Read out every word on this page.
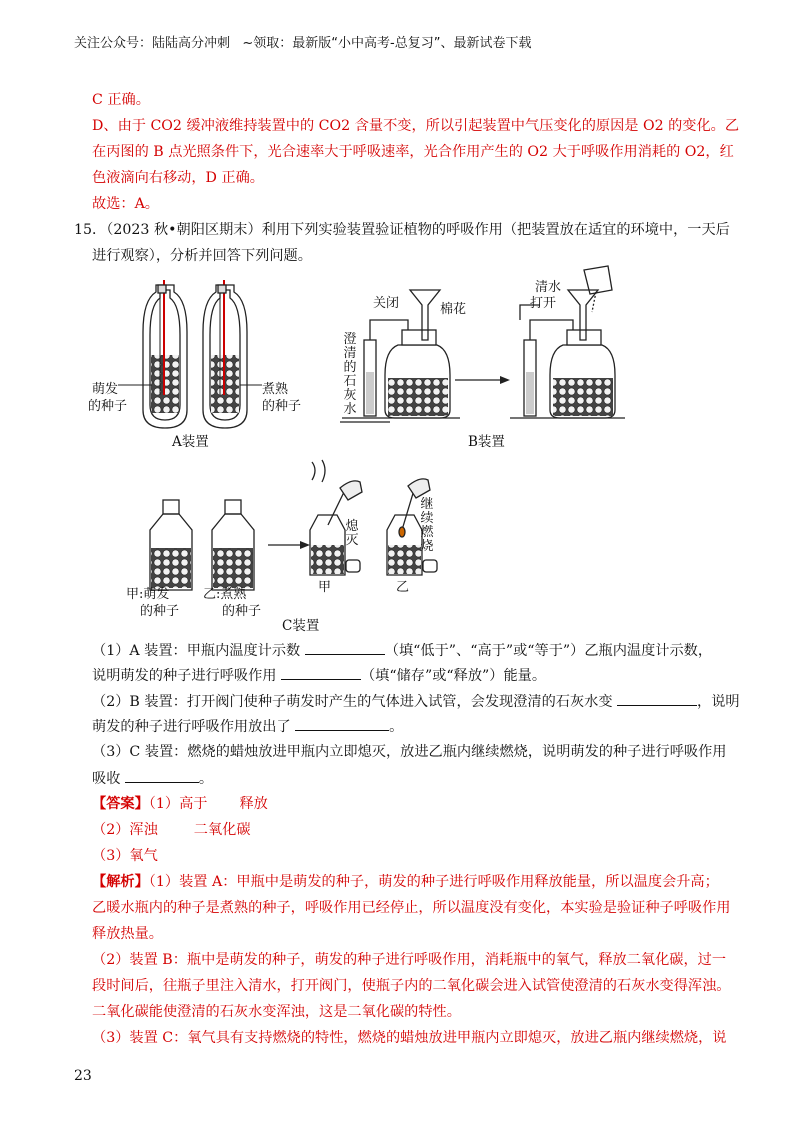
关注公众号：陆陆高分冲刺   ~领取：最新版“小中高考-总复习”、最新试卷下载
C 正确。
D、由于 CO2 缓冲液维持装置中的 CO2 含量不变，所以引起装置中气压变化的原因是 O2 的变化。乙
在丙图的 B 点光照条件下，光合速率大于呼吸速率，光合作用产生的 O2 大于呼吸作用消耗的 O2，红
色液滴向右移动，D 正确。
故选：A。
15．（2023 秋•朝阳区期末）利用下列实验装置验证植物的呼吸作用（把装置放在适宜的环境中，一天后
进行观察），分析并回答下列问题。
萌发
的种子
煮熟
的种子
A装置
关闭	棉花
清水
打开
澄清的石灰水
B装置
甲:萌发
的种子
乙:煮熟
的种子
熄灭
继续燃烧
甲	乙
C装置
（1）A 装置：甲瓶内温度计示数	（填“低于”、“高于”或“等于”）乙瓶内温度计示数，
说明萌发的种子进行呼吸作用	（填“储存”或“释放”）能量。
（2）B 装置：打开阀门使种子萌发时产生的气体进入试管，会发现澄清的石灰水变	，说明
萌发的种子进行呼吸作用放出了	。
（3）C 装置：燃烧的蜡烛放进甲瓶内立即熄灭，放进乙瓶内继续燃烧，说明萌发的种子进行呼吸作用
吸收	。
【答案】（1）高于 释放
（2）浑浊	二氧化碳
（3）氧气
【解析】（1）装置 A：甲瓶中是萌发的种子，萌发的种子进行呼吸作用释放能量，所以温度会升高；
乙暖水瓶内的种子是煮熟的种子，呼吸作用已经停止，所以温度没有变化，本实验是验证种子呼吸作用
释放热量。
（2）装置 B：瓶中是萌发的种子，萌发的种子进行呼吸作用，消耗瓶中的氧气，释放二氧化碳，过一
段时间后，往瓶子里注入清水，打开阀门，使瓶子内的二氧化碳会进入试管使澄清的石灰水变得浑浊。
二氧化碳能使澄清的石灰水变浑浊，这是二氧化碳的特性。
（3）装置 C：氧气具有支持燃烧的特性，燃烧的蜡烛放进甲瓶内立即熄灭，放进乙瓶内继续燃烧，说
23
